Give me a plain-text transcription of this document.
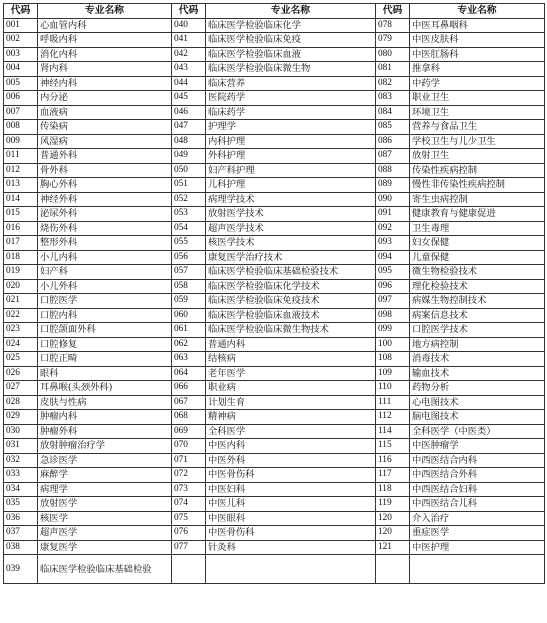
代码	专业名称	代码	专业名称	代码	专业名称
001	心血管内科	040	临床医学检验临床化学	078	中医耳鼻咽科
002	呼吸内科	041	临床医学检验临床免疫	079	中医皮肤科
003	消化内科	042	临床医学检验临床血液	080	中医肛肠科
004	肾内科	043	临床医学检验临床微生物	081	推拿科
005	神经内科	044	临床营养	082	中药学
006	内分泌	045	医院药学	083	职业卫生
007	血液病	046	临床药学	084	环境卫生
008	传染病	047	护理学	085	营养与食品卫生
009	风湿病	048	内科护理	086	学校卫生与儿少卫生
011	普通外科	049	外科护理	087	放射卫生
012	骨外科	050	妇产科护理	088	传染性疾病控制
013	胸心外科	051	儿科护理	089	慢性非传染性疾病控制
014	神经外科	052	病理学技术	090	寄生虫病控制
015	泌尿外科	053	放射医学技术	091	健康教育与健康促进
016	烧伤外科	054	超声医学技术	092	卫生毒理
017	整形外科	055	核医学技术	093	妇女保健
018	小儿内科	056	康复医学治疗技术	094	儿童保健
019	妇产科	057	临床医学检验临床基础检验技术	095	微生物检验技术
020	小儿外科	058	临床医学检验临床化学技术	096	理化检验技术
021	口腔医学	059	临床医学检验临床免疫技术	097	病媒生物控制技术
022	口腔内科	060	临床医学检验临床血液技术	098	病案信息技术
023	口腔颌面外科	061	临床医学检验临床微生物技术	099	口腔医学技术
024	口腔修复	062	普通内科	100	地方病控制
025	口腔正畸	063	结核病	108	消毒技术
026	眼科	064	老年医学	109	输血技术
027	耳鼻喉(头颈外科)	066	职业病	110	药物分析
028	皮肤与性病	067	计划生育	111	心电图技术
029	肿瘤内科	068	精神病	112	脑电图技术
030	肿瘤外科	069	全科医学	114	全科医学（中医类）
031	放射肿瘤治疗学	070	中医内科	115	中医肿瘤学
032	急诊医学	071	中医外科	116	中西医结合内科
033	麻醉学	072	中医骨伤科	117	中西医结合外科
034	病理学	073	中医妇科	118	中西医结合妇科
035	放射医学	074	中医儿科	119	中西医结合儿科
036	核医学	075	中医眼科	120	介入治疗
037	超声医学	076	中医骨伤科	120	重症医学
038	康复医学	077	针灸科	121	中医护理
039	临床医学检验临床基础检验				
